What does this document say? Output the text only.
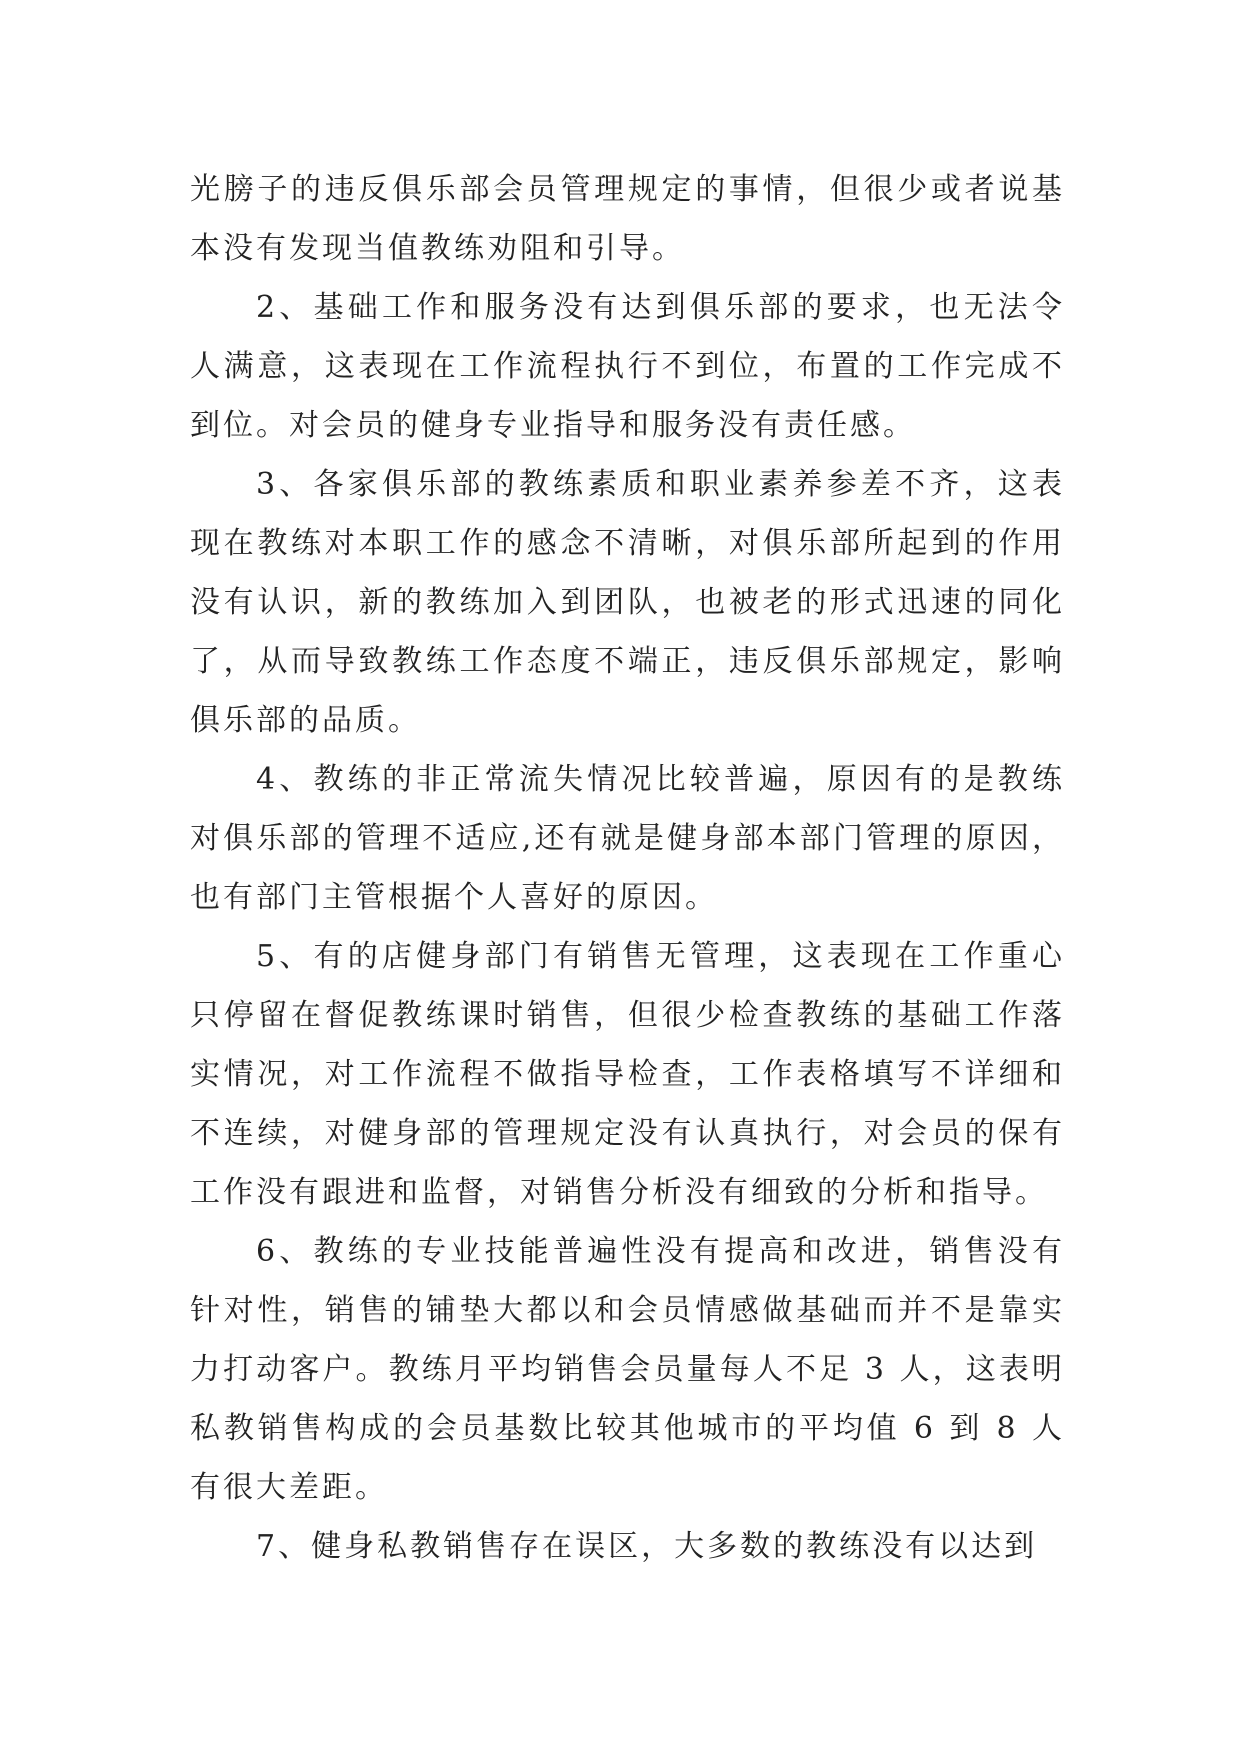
光膀子的违反俱乐部会员管理规定的事情，但很少或者说基本没有发现当值教练劝阻和引导。

2、基础工作和服务没有达到俱乐部的要求，也无法令人满意，这表现在工作流程执行不到位，布置的工作完成不到位。对会员的健身专业指导和服务没有责任感。

3、各家俱乐部的教练素质和职业素养参差不齐，这表现在教练对本职工作的感念不清晰，对俱乐部所起到的作用没有认识，新的教练加入到团队，也被老的形式迅速的同化了，从而导致教练工作态度不端正，违反俱乐部规定，影响俱乐部的品质。

4、教练的非正常流失情况比较普遍，原因有的是教练对俱乐部的管理不适应,还有就是健身部本部门管理的原因，也有部门主管根据个人喜好的原因。

5、有的店健身部门有销售无管理，这表现在工作重心只停留在督促教练课时销售，但很少检查教练的基础工作落实情况，对工作流程不做指导检查，工作表格填写不详细和不连续，对健身部的管理规定没有认真执行，对会员的保有工作没有跟进和监督，对销售分析没有细致的分析和指导。

6、教练的专业技能普遍性没有提高和改进，销售没有针对性，销售的铺垫大都以和会员情感做基础而并不是靠实力打动客户。教练月平均销售会员量每人不足 3 人，这表明私教销售构成的会员基数比较其他城市的平均值 6 到 8 人有很大差距。

7、健身私教销售存在误区，大多数的教练没有以达到
